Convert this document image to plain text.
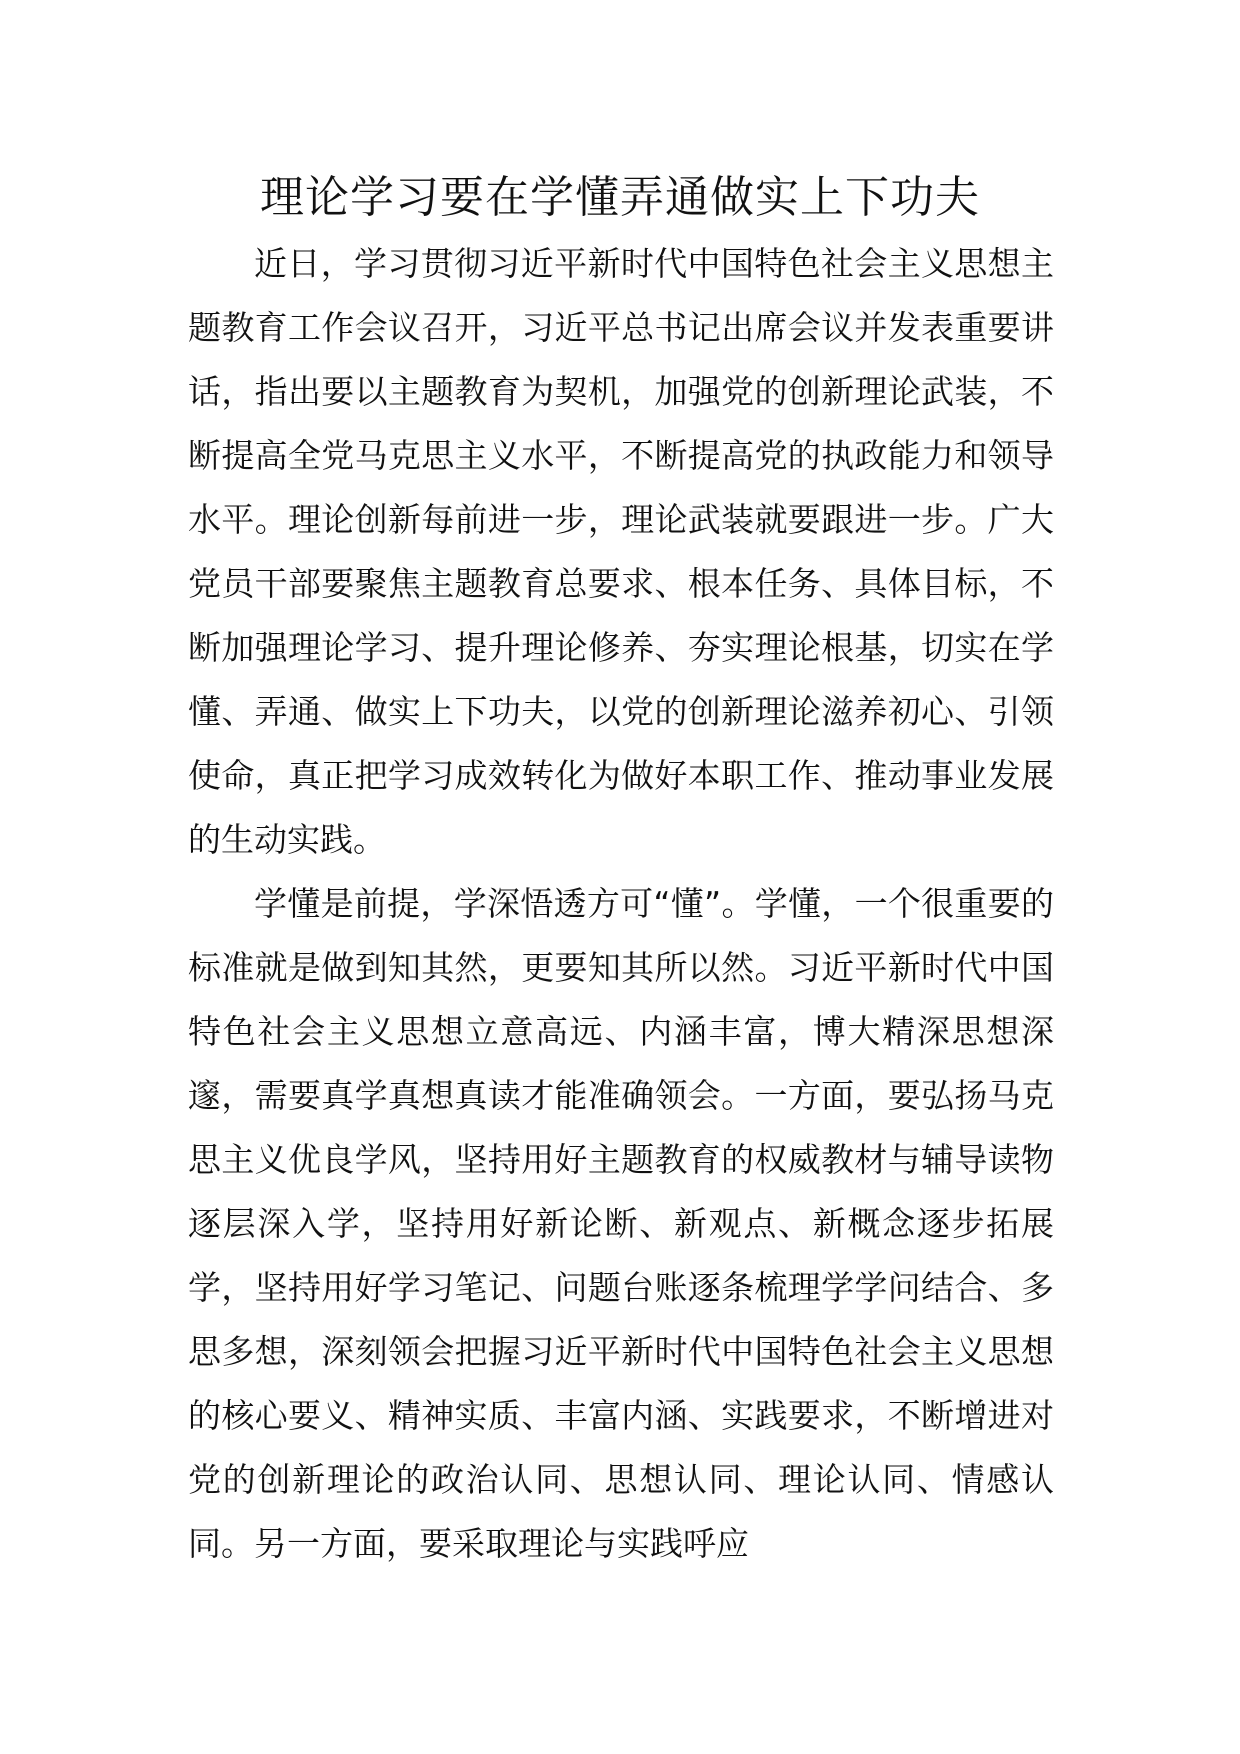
理论学习要在学懂弄通做实上下功夫

近日，学习贯彻习近平新时代中国特色社会主义思想主题教育工作会议召开，习近平总书记出席会议并发表重要讲话，指出要以主题教育为契机，加强党的创新理论武装，不断提高全党马克思主义水平，不断提高党的执政能力和领导水平。理论创新每前进一步，理论武装就要跟进一步。广大党员干部要聚焦主题教育总要求、根本任务、具体目标，不断加强理论学习、提升理论修养、夯实理论根基，切实在学懂、弄通、做实上下功夫，以党的创新理论滋养初心、引领使命，真正把学习成效转化为做好本职工作、推动事业发展的生动实践。

学懂是前提，学深悟透方可“懂”。学懂，一个很重要的标准就是做到知其然，更要知其所以然。习近平新时代中国特色社会主义思想立意高远、内涵丰富，博大精深思想深邃，需要真学真想真读才能准确领会。一方面，要弘扬马克思主义优良学风，坚持用好主题教育的权威教材与辅导读物逐层深入学，坚持用好新论断、新观点、新概念逐步拓展学，坚持用好学习笔记、问题台账逐条梳理学学问结合、多思多想，深刻领会把握习近平新时代中国特色社会主义思想的核心要义、精神实质、丰富内涵、实践要求，不断增进对党的创新理论的政治认同、思想认同、理论认同、情感认同。另一方面，要采取理论与实践呼应
